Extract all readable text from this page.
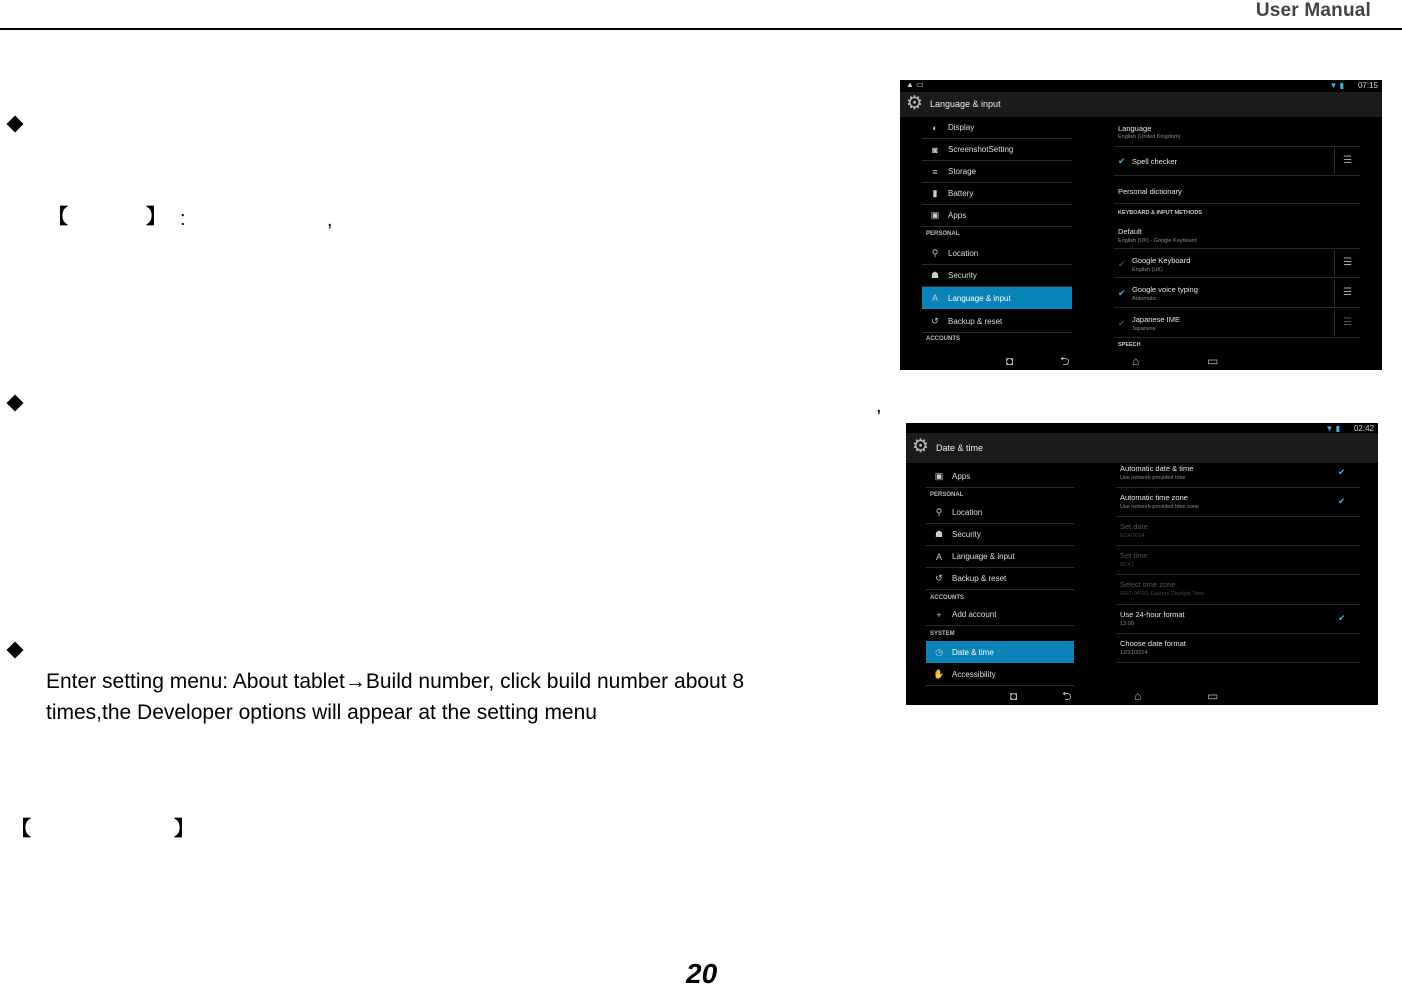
User Manual
【	】 :	,
,
Enter setting menu: About tablet→Build number, click build number about 8
times,the Developer options will appear at the setting menu
【	】
20
▲ ▭	▼ ▮ 07:15
⚙ Language & input
◐	Display
◙	ScreenshotSetting
≡	Storage
▮	Battery
▣	Apps
PERSONAL
⚲	Location
☗	Security
A	Language & input
↺	Backup & reset
ACCOUNTS
Language
English (United Kingdom)
✔ Spell checker	☰
Personal dictionary
KEYBOARD & INPUT METHODS
Default
English (UK) - Google Keyboard
✔ Google Keyboard
English (UK)
☰
✔ Google voice typing
Automatic
☰
✔ Japanese IME
Japanese
☰
SPEECH
◘	⮌	⌂	▭
▼ ▮ 02:42
⚙ Date & time
▣	Apps
PERSONAL
⚲	Location
☗	Security
A	Language & input
↺	Backup & reset
ACCOUNTS
+	Add account
SYSTEM
◷	Date & time
✋ Accessibility
Automatic date & time
Use network-provided time
✔
Automatic time zone
Use network-provided time zone
✔
Set date
6/14/2014
Set time
02:42
Select time zone
GMT-04:00, Eastern Daylight Time
Use 24-hour format
13:00
✔
Choose date format
12/31/2014
◘	⮌	⌂	▭
